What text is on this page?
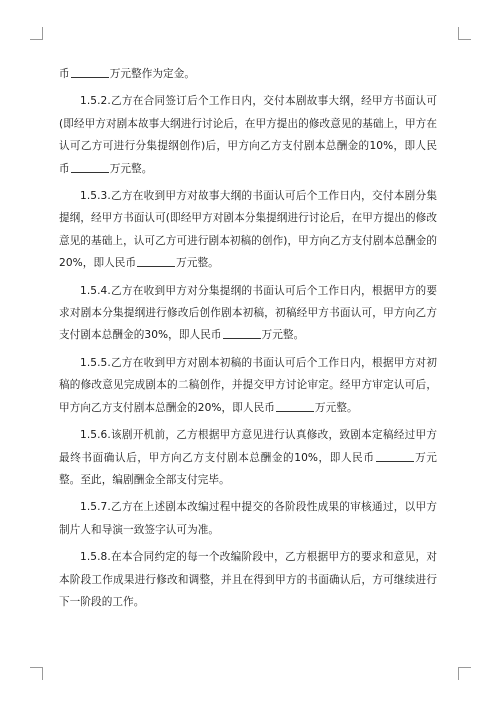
币	万元整作为定金。

1.5.2.乙方在合同签订后个工作日内，交付本剧故事大纲，经甲方书面认可(即经甲方对剧本故事大纲进行讨论后，在甲方提出的修改意见的基础上，甲方在认可乙方可进行分集提纲创作)后，甲方向乙方支付剧本总酬金的10%，即人民币	万元整。

1.5.3.乙方在收到甲方对故事大纲的书面认可后个工作日内，交付本剧分集提纲，经甲方书面认可(即经甲方对剧本分集提纲进行讨论后，在甲方提出的修改意见的基础上，认可乙方可进行剧本初稿的创作)，甲方向乙方支付剧本总酬金的20%，即人民币	万元整。

1.5.4.乙方在收到甲方对分集提纲的书面认可后个工作日内，根据甲方的要求对剧本分集提纲进行修改后创作剧本初稿，初稿经甲方书面认可，甲方向乙方支付剧本总酬金的30%，即人民币	万元整。

1.5.5.乙方在收到甲方对剧本初稿的书面认可后个工作日内，根据甲方对初稿的修改意见完成剧本的二稿创作，并提交甲方讨论审定。经甲方审定认可后，甲方向乙方支付剧本总酬金的20%，即人民币	万元整。

1.5.6.该剧开机前，乙方根据甲方意见进行认真修改，致剧本定稿经过甲方最终书面确认后，甲方向乙方支付剧本总酬金的10%，即人民币	万元整。至此，编剧酬金全部支付完毕。

1.5.7.乙方在上述剧本改编过程中提交的各阶段性成果的审核通过，以甲方制片人和导演一致签字认可为准。

1.5.8.在本合同约定的每一个改编阶段中，乙方根据甲方的要求和意见，对本阶段工作成果进行修改和调整，并且在得到甲方的书面确认后，方可继续进行下一阶段的工作。
